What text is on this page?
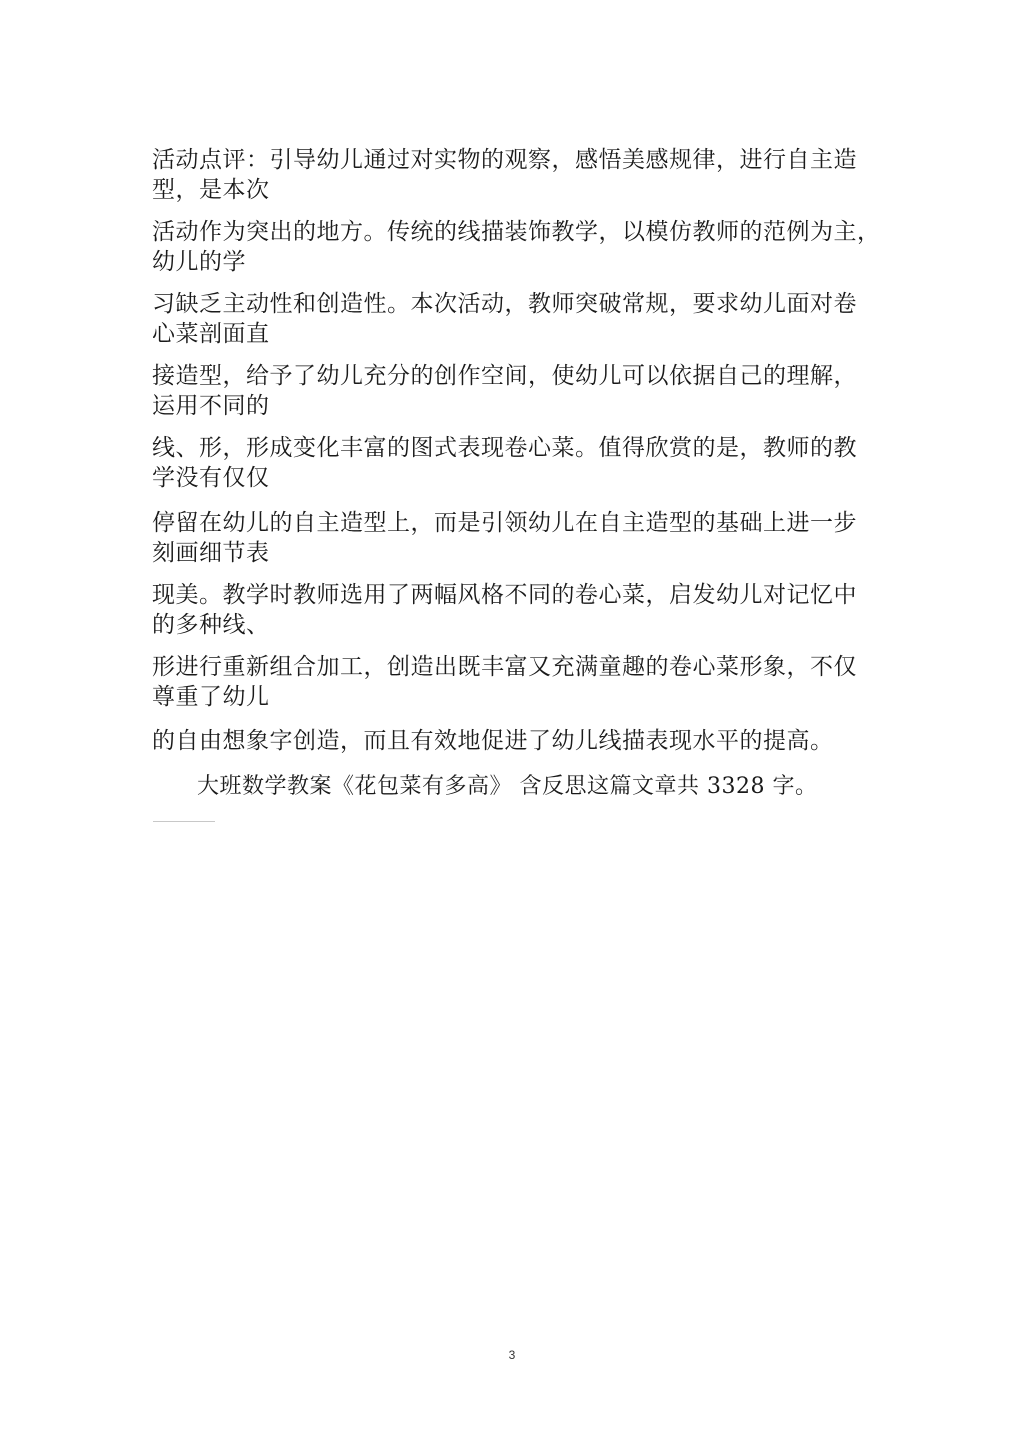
活动点评：引导幼儿通过对实物的观察，感悟美感规律，进行自主造
型，是本次
活动作为突出的地方。传统的线描装饰教学，以模仿教师的范例为主，
幼儿的学
习缺乏主动性和创造性。本次活动，教师突破常规，要求幼儿面对卷
心菜剖面直
接造型，给予了幼儿充分的创作空间，使幼儿可以依据自己的理解，
运用不同的
线、形，形成变化丰富的图式表现卷心菜。值得欣赏的是，教师的教
学没有仅仅
停留在幼儿的自主造型上，而是引领幼儿在自主造型的基础上进一步
刻画细节表
现美。教学时教师选用了两幅风格不同的卷心菜，启发幼儿对记忆中
的多种线、
形进行重新组合加工，创造出既丰富又充满童趣的卷心菜形象，不仅
尊重了幼儿
的自由想象字创造，而且有效地促进了幼儿线描表现水平的提高。
大班数学教案《花包菜有多高》 含反思这篇文章共 3328 字。
3
